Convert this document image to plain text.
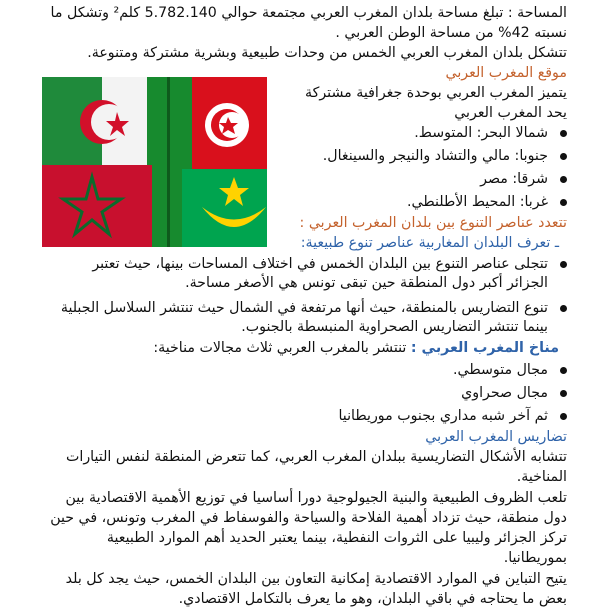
المساحة : تبلغ مساحة بلدان المغرب العربي مجتمعة حوالي 5.782.140 كلم² وتشكل ما
نسبته 42% من مساحة الوطن العربي .
تتشكل بلدان المغرب العربي الخمس من وحدات طبيعية وبشرية مشتركة ومتنوعة.
موقع المغرب العربي
يتميز المغرب العربي بوحدة جغرافية مشتركة
يحد المغرب العربي
شمالا البحر: المتوسط.
جنوبا: مالي والتشاد والنيجر والسينغال.
شرقا: مصر
غربا: المحيط الأطلنطي.
تتعدد عناصر التنوع بين بلدان المغرب العربي :
ـ تعرف البلدان المغاربية عناصر تنوع طبيعية:
تتجلى عناصر التنوع بين البلدان الخمس في اختلاف المساحات بينها، حيث تعتبر
الجزائر أكبر دول المنطقة حين تبقى تونس هي الأصغر مساحة.
تنوع التضاريس بالمنطقة، حيث أنها مرتفعة في الشمال حيث تنتشر السلاسل الجبلية
بينما تنتشر التضاريس الصحراوية المنبسطة بالجنوب.
مناخ المغرب العربي : تنتشر بالمغرب العربي ثلاث مجالات مناخية:
مجال متوسطي.
مجال صحراوي
ثم آخر شبه مداري بجنوب موريطانيا
تضاريس المغرب العربي
تتشابه الأشكال التضاريسية ببلدان المغرب العربي، كما تتعرض المنطقة لنفس التيارات
المناخية.
تلعب الظروف الطبيعية والبنية الجيولوجية دورا أساسيا في توزيع الأهمية الاقتصادية بين
دول منطقة، حيث تزداد أهمية الفلاحة والسياحة والفوسفاط في المغرب وتونس، في حين
تركز الجزائر وليبيا على الثروات النفطية، بينما يعتبر الحديد أهم الموارد الطبيعية
بموريطانيا.
يتيح التباين في الموارد الاقتصادية إمكانية التعاون بين البلدان الخمس، حيث يجد كل بلد
بعض ما يحتاجه في باقي البلدان، وهو ما يعرف بالتكامل الاقتصادي.
